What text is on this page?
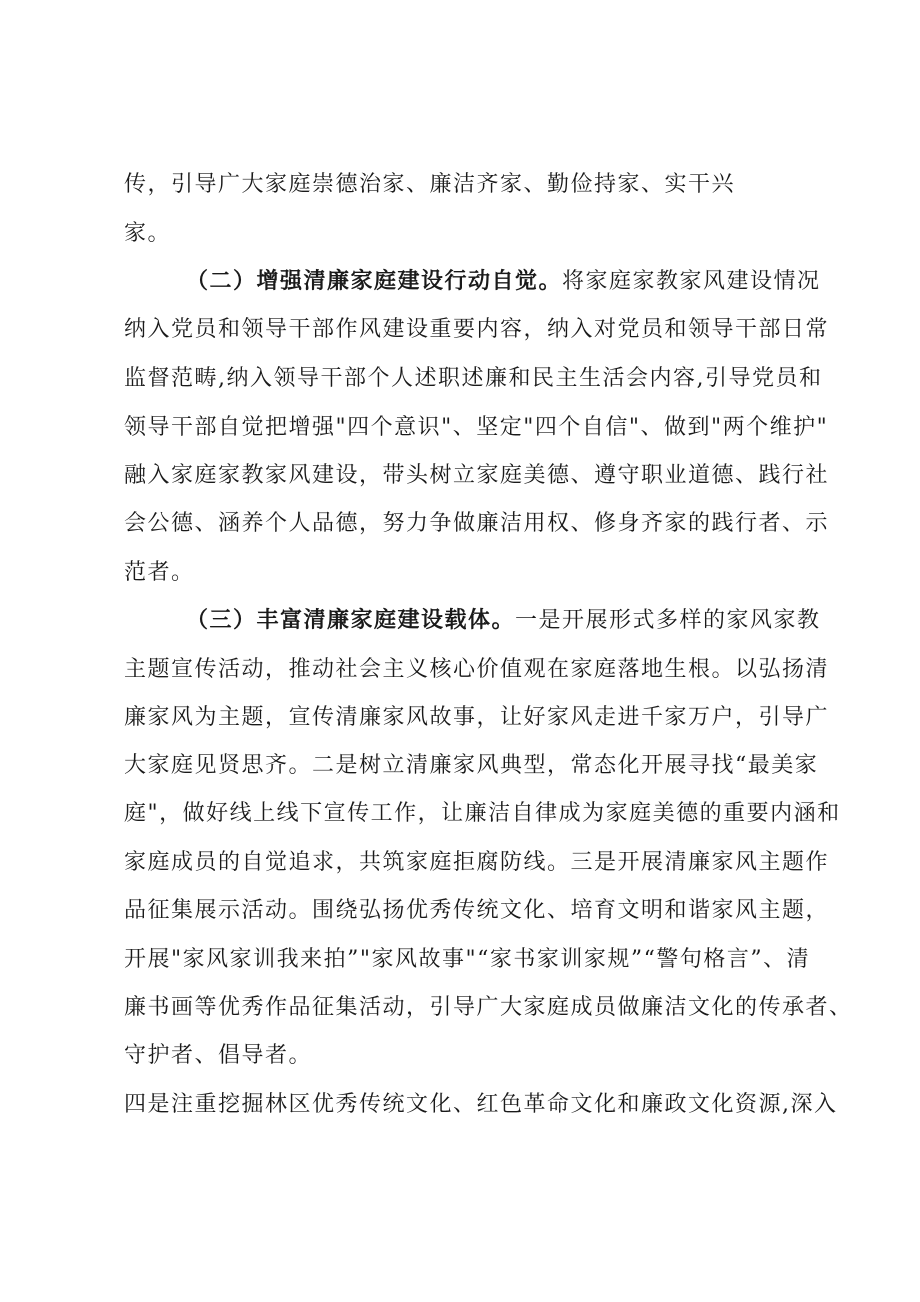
传，引导广大家庭崇德治家、廉洁齐家、勤俭持家、实干兴
家。
（二）增强清廉家庭建设行动自觉。将家庭家教家风建设情况
纳入党员和领导干部作风建设重要内容，纳入对党员和领导干部日常
监督范畴,纳入领导干部个人述职述廉和民主生活会内容,引导党员和
领导干部自觉把增强"四个意识"、坚定"四个自信"、做到"两个维护"
融入家庭家教家风建设，带头树立家庭美德、遵守职业道德、践行社
会公德、涵养个人品德，努力争做廉洁用权、修身齐家的践行者、示
范者。
（三）丰富清廉家庭建设载体。一是开展形式多样的家风家教
主题宣传活动，推动社会主义核心价值观在家庭落地生根。以弘扬清
廉家风为主题，宣传清廉家风故事，让好家风走进千家万户，引导广
大家庭见贤思齐。二是树立清廉家风典型，常态化开展寻找“最美家
庭"，做好线上线下宣传工作，让廉洁自律成为家庭美德的重要内涵和
家庭成员的自觉追求，共筑家庭拒腐防线。三是开展清廉家风主题作
品征集展示活动。围绕弘扬优秀传统文化、培育文明和谐家风主题，
开展"家风家训我来拍”"家风故事"“家书家训家规”“警句格言”、清
廉书画等优秀作品征集活动，引导广大家庭成员做廉洁文化的传承者、
守护者、倡导者。
四是注重挖掘林区优秀传统文化、红色革命文化和廉政文化资源,深入
